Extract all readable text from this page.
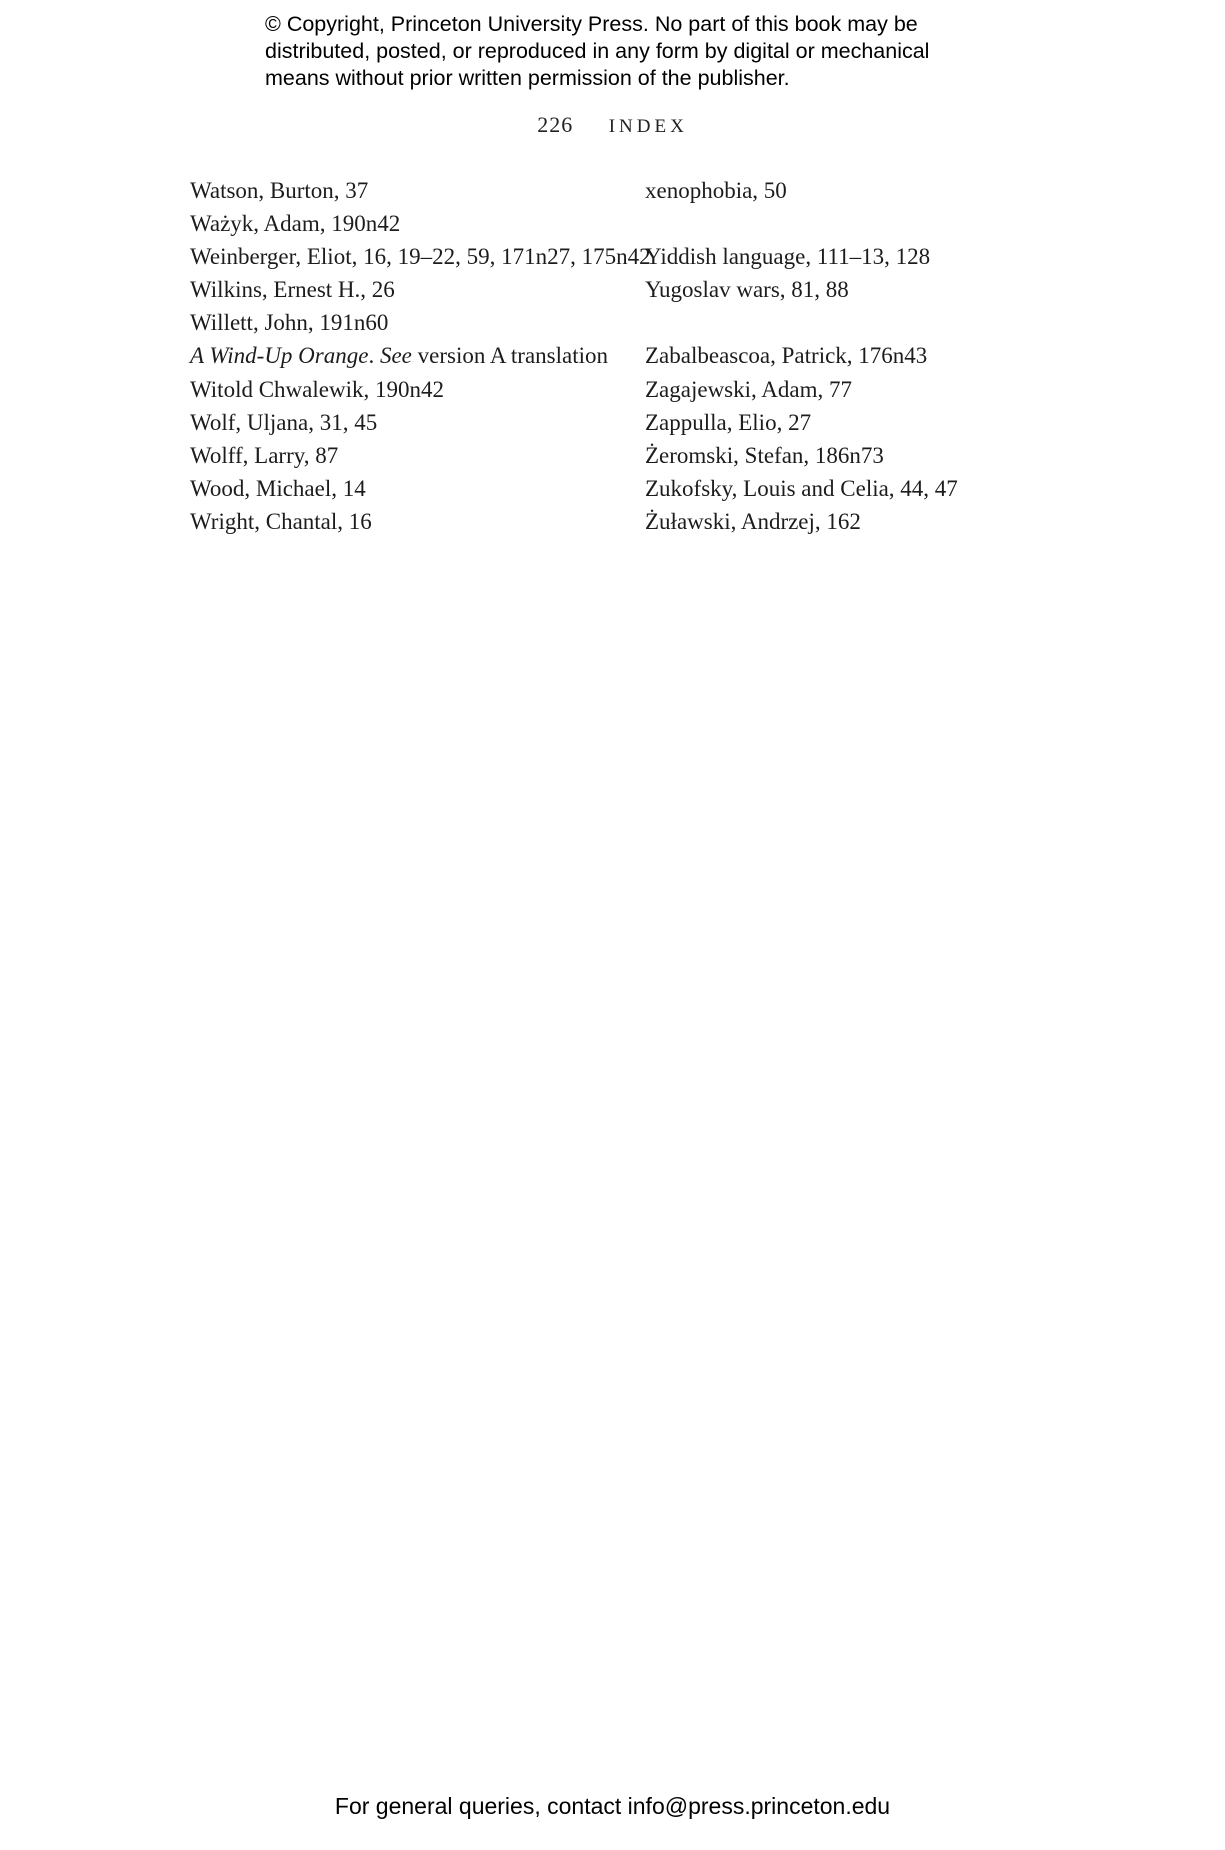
© Copyright, Princeton University Press. No part of this book may be
distributed, posted, or reproduced in any form by digital or mechanical
means without prior written permission of the publisher.
226 INDEX
Watson, Burton, 37
Ważyk, Adam, 190n42
Weinberger, Eliot, 16, 19–22, 59, 171n27, 175n42
Wilkins, Ernest H., 26
Willett, John, 191n60
A Wind-Up Orange. See version A translation
Witold Chwalewik, 190n42
Wolf, Uljana, 31, 45
Wolff, Larry, 87
Wood, Michael, 14
Wright, Chantal, 16
xenophobia, 50
Yiddish language, 111–13, 128
Yugoslav wars, 81, 88
Zabalbeascoa, Patrick, 176n43
Zagajewski, Adam, 77
Zappulla, Elio, 27
Żeromski, Stefan, 186n73
Zukofsky, Louis and Celia, 44, 47
Żuławski, Andrzej, 162
For general queries, contact info@press.princeton.edu
